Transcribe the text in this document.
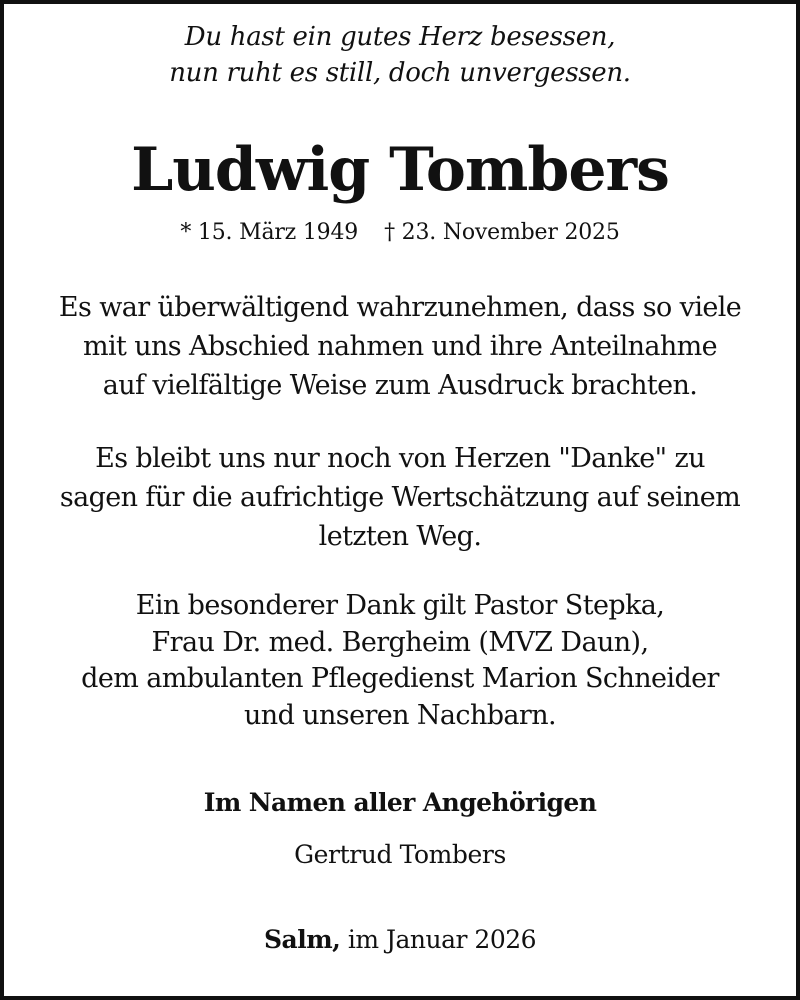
Du hast ein gutes Herz besessen,
nun ruht es still, doch unvergessen.
Ludwig Tombers
* 15. März 1949 † 23. November 2025
Es war überwältigend wahrzunehmen, dass so viele
mit uns Abschied nahmen und ihre Anteilnahme
auf vielfältige Weise zum Ausdruck brachten.
Es bleibt uns nur noch von Herzen "Danke" zu
sagen für die aufrichtige Wertschätzung auf seinem
letzten Weg.
Ein besonderer Dank gilt Pastor Stepka,
Frau Dr. med. Bergheim (MVZ Daun),
dem ambulanten Pflegedienst Marion Schneider
und unseren Nachbarn.
Im Namen aller Angehörigen
Gertrud Tombers
Salm, im Januar 2026
